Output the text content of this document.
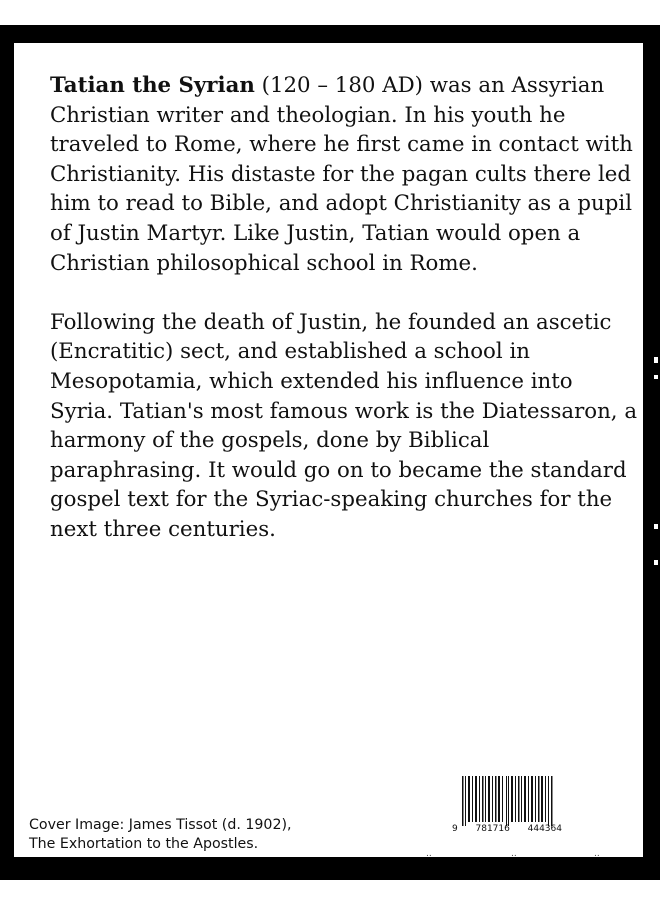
Tatian the Syrian (120 – 180 AD) was an Assyrian Christian writer and theologian. In his youth he traveled to Rome, where he first came in contact with Christianity. His distaste for the pagan cults there led him to read to Bible, and adopt Christianity as a pupil of Justin Martyr. Like Justin, Tatian would open a Christian philosophical school in Rome.

Following the death of Justin, he founded an ascetic (Encratitic) sect, and established a school in Mesopotamia, which extended his influence into Syria. Tatian's most famous work is the Diatessaron, a harmony of the gospels, done by Biblical paraphrasing. It would go on to became the standard gospel text for the Syriac-speaking churches for the next three centuries.

Cover Image: James Tissot (d. 1902),
The Exhortation to the Apostles.
9 781716 444364
..	..	..
